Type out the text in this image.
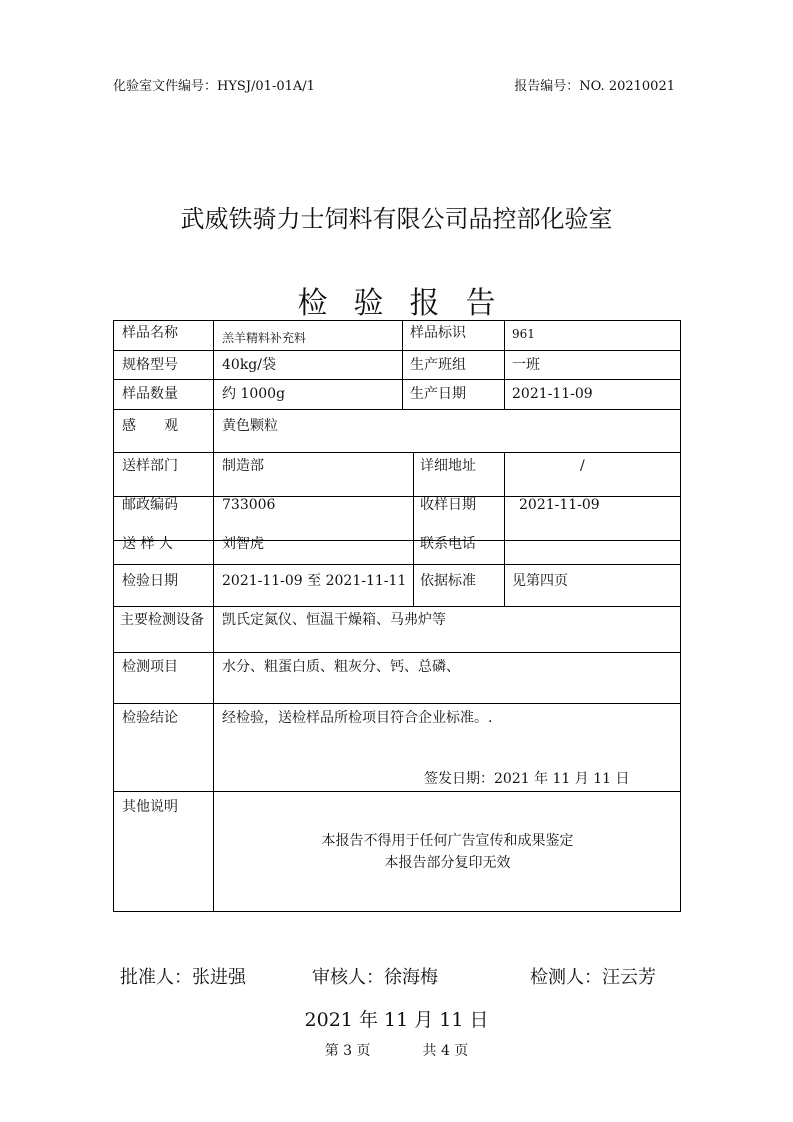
化验室文件编号：HYSJ/01-01A/1	报告编号：NO. 20210021
武威铁骑力士饲料有限公司品控部化验室
检验报告
样品名称	羔羊精料补充料	样品标识	961
规格型号	40kg/袋	生产班组	一班
样品数量	约 1000g	生产日期	2021-11-09
感　　观	黄色颗粒
送样部门	制造部	详细地址	/
邮政编码	733006	收样日期	2021-11-09
送 样 人	刘智虎	联系电话
检验日期	2021-11-09 至 2021-11-11 依据标准	见第四页
主要检测设备 凯氏定氮仪、恒温干燥箱、马弗炉等
检测项目	水分、粗蛋白质、粗灰分、钙、总磷、
检验结论	经检验，送检样品所检项目符合企业标准。.
签发日期：2021 年 11 月 11 日
其他说明
本报告不得用于任何广告宣传和成果鉴定
本报告部分复印无效
批准人：张进强	审核人：徐海梅	检测人：汪云芳
2021 年 11 月 11 日
第 3 页	共 4 页
